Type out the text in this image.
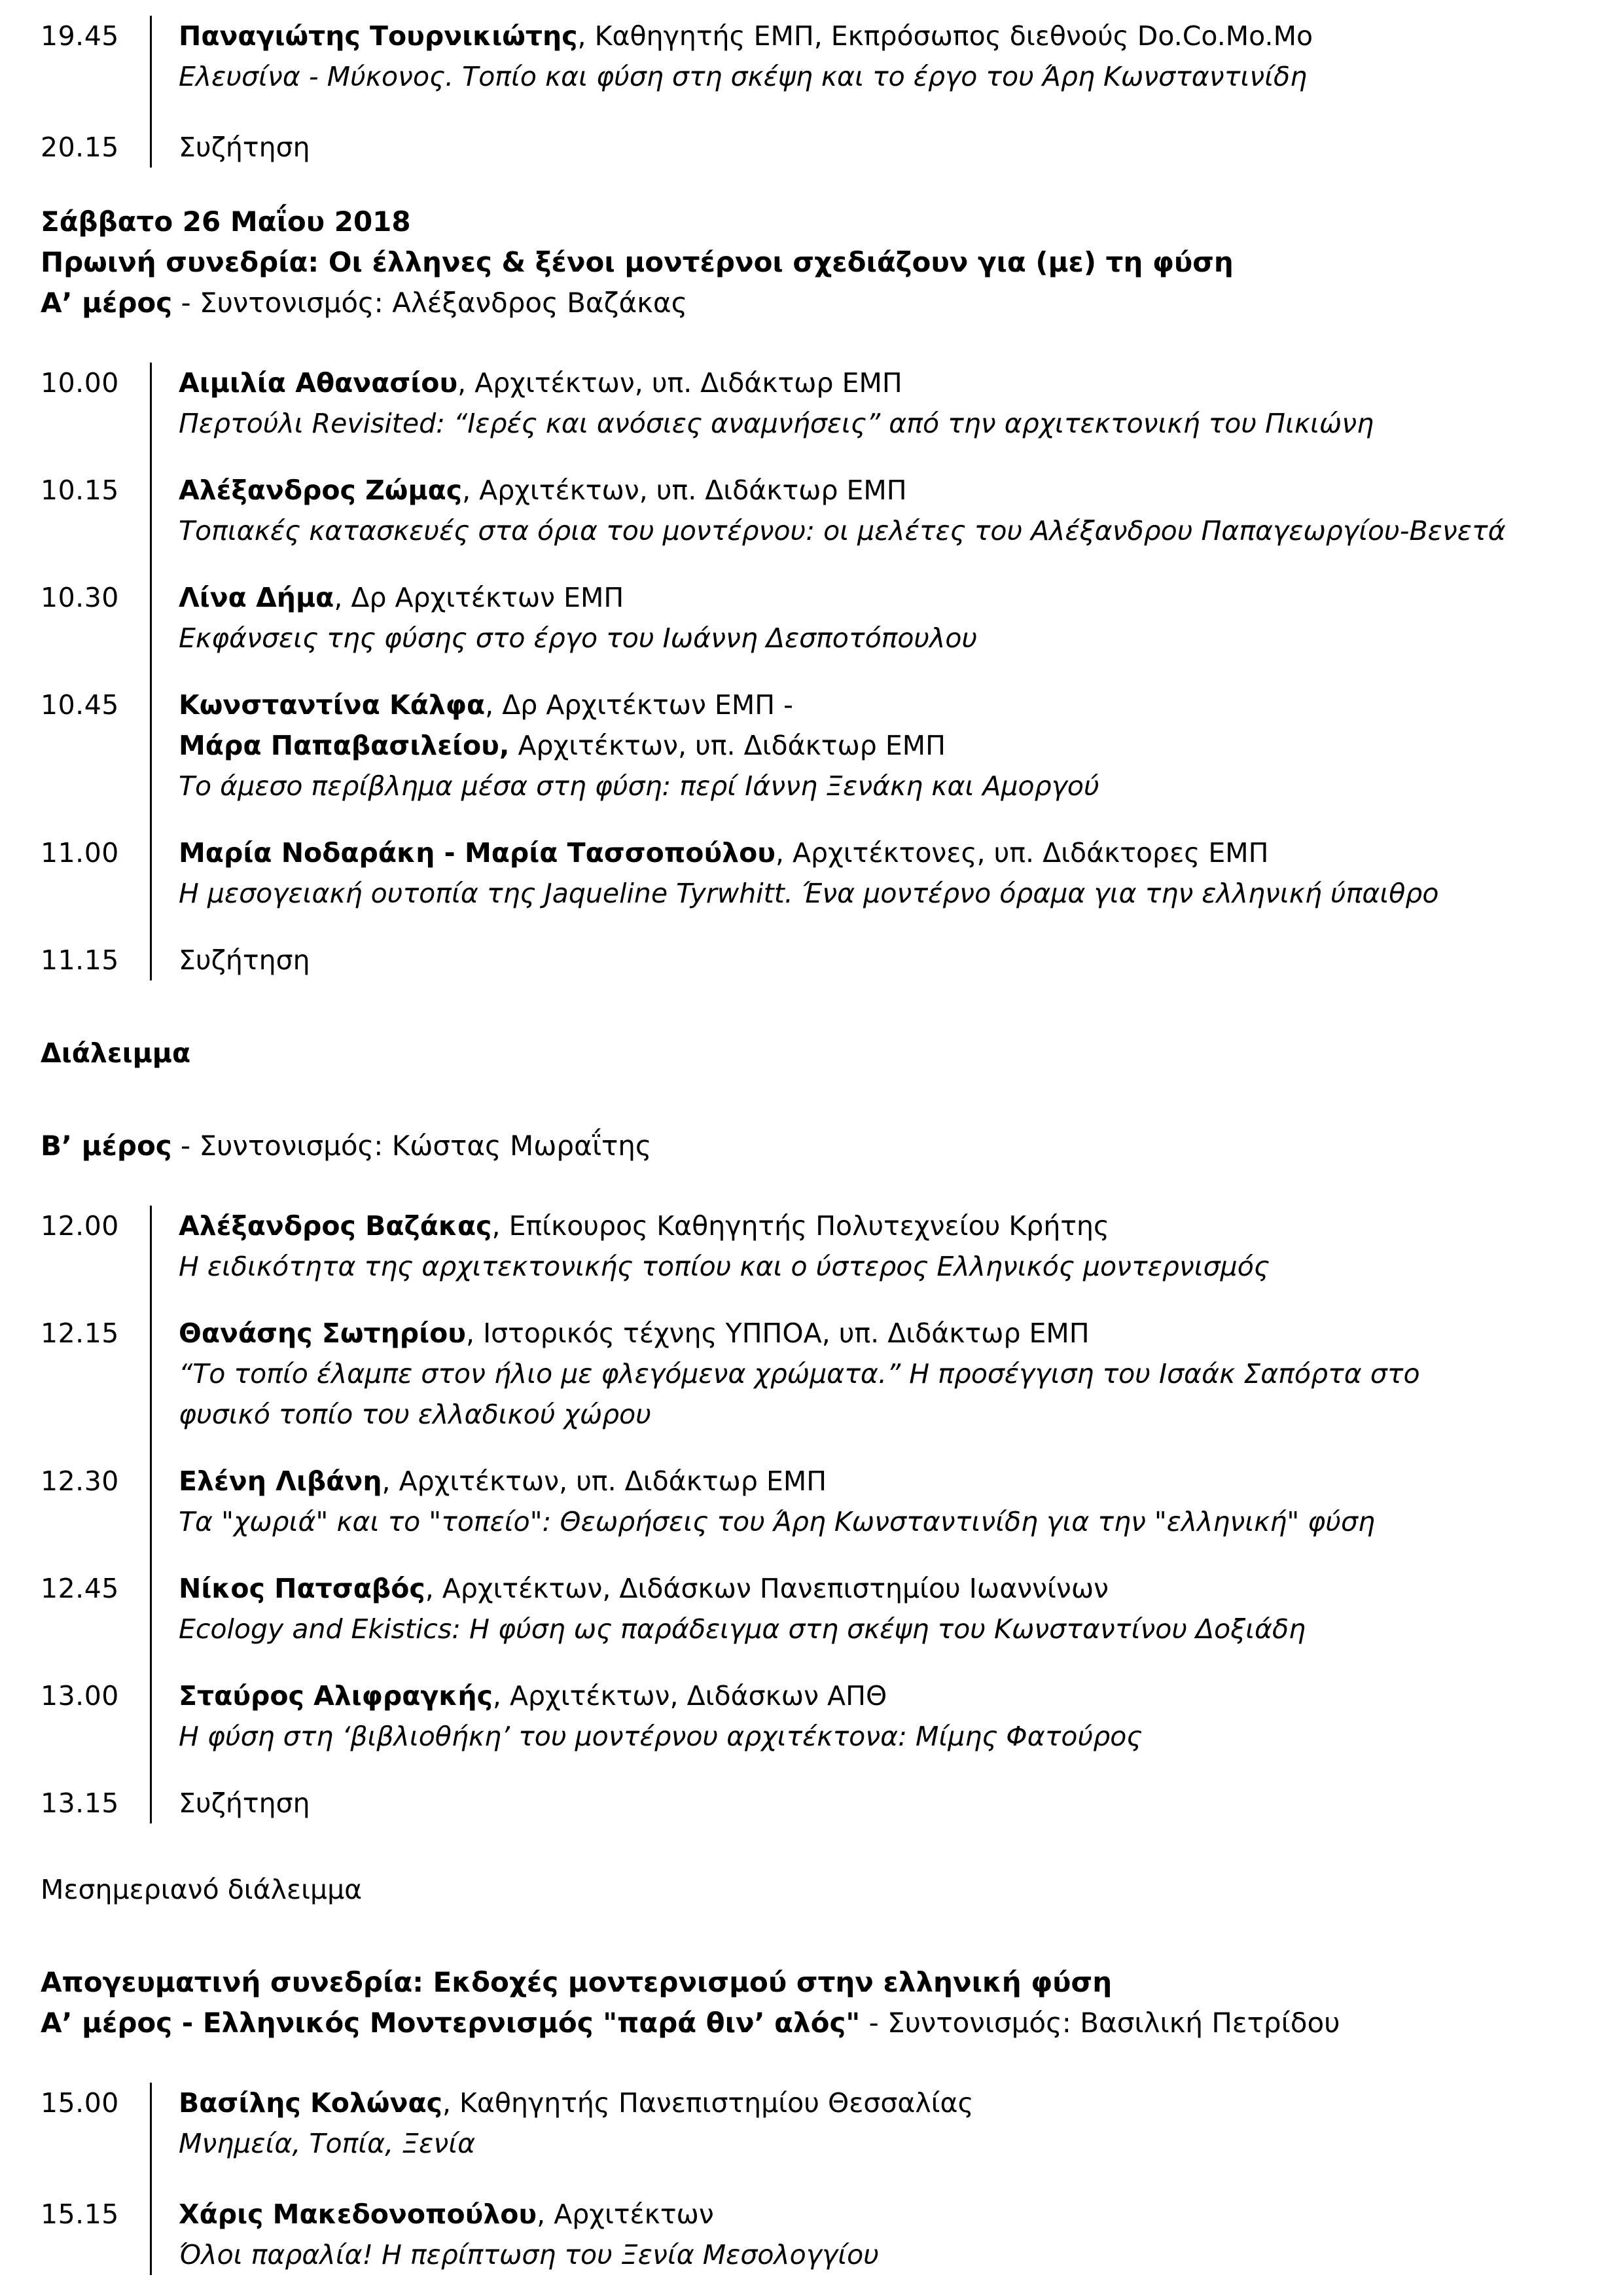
19.45	Παναγιώτης Τουρνικιώτης, Καθηγητής ΕΜΠ, Εκπρόσωπος διεθνούς Do.Co.Mo.Mo
Ελευσίνα - Μύκονος. Τοπίο και φύση στη σκέψη και το έργο του Άρη Κωνσταντινίδη
20.15	Συζήτηση
Σάββατο 26 Μαΐου 2018
Πρωινή συνεδρία: Οι έλληνες & ξένοι μοντέρνοι σχεδιάζουν για (με) τη φύση
Α’ μέρος - Συντονισμός: Αλέξανδρος Βαζάκας
10.00	Αιμιλία Αθανασίου, Αρχιτέκτων, υπ. Διδάκτωρ ΕΜΠ
Περτούλι Revisited: “Ιερές και ανόσιες αναμνήσεις” από την αρχιτεκτονική του Πικιώνη
10.15	Αλέξανδρος Ζώμας, Αρχιτέκτων, υπ. Διδάκτωρ ΕΜΠ
Τοπιακές κατασκευές στα όρια του μοντέρνου: οι μελέτες του Αλέξανδρου Παπαγεωργίου-Βενετά
10.30	Λίνα Δήμα, Δρ Αρχιτέκτων ΕΜΠ
Εκφάνσεις της φύσης στο έργο του Ιωάννη Δεσποτόπουλου
10.45	Κωνσταντίνα Κάλφα, Δρ Αρχιτέκτων ΕΜΠ -
Μάρα Παπαβασιλείου, Αρχιτέκτων, υπ. Διδάκτωρ ΕΜΠ
Το άμεσο περίβλημα μέσα στη φύση: περί Ιάννη Ξενάκη και Αμοργού
11.00	Μαρία Νοδαράκη - Μαρία Τασσοπούλου, Αρχιτέκτονες, υπ. Διδάκτορες ΕΜΠ
Η μεσογειακή ουτοπία της Jaqueline Tyrwhitt. Ένα μοντέρνο όραμα για την ελληνική ύπαιθρο
11.15	Συζήτηση
Διάλειμμα
Β’ μέρος - Συντονισμός: Κώστας Μωραΐτης
12.00	Αλέξανδρος Βαζάκας, Επίκουρος Καθηγητής Πολυτεχνείου Κρήτης
Η ειδικότητα της αρχιτεκτονικής τοπίου και ο ύστερος Ελληνικός μοντερνισμός
12.15	Θανάσης Σωτηρίου, Ιστορικός τέχνης ΥΠΠΟΑ, υπ. Διδάκτωρ ΕΜΠ
“Το τοπίο έλαμπε στον ήλιο με φλεγόμενα χρώματα.” Η προσέγγιση του Ισαάκ Σαπόρτα στο
φυσικό τοπίο του ελλαδικού χώρου
12.30	Ελένη Λιβάνη, Αρχιτέκτων, υπ. Διδάκτωρ ΕΜΠ
Τα "χωριά" και το "τοπείο": Θεωρήσεις του Άρη Κωνσταντινίδη για την "ελληνική" φύση
12.45	Νίκος Πατσαβός, Αρχιτέκτων, Διδάσκων Πανεπιστημίου Ιωαννίνων
Ecology and Ekistics: Η φύση ως παράδειγμα στη σκέψη του Κωνσταντίνου Δοξιάδη
13.00	Σταύρος Αλιφραγκής, Αρχιτέκτων, Διδάσκων ΑΠΘ
Η φύση στη ‘βιβλιοθήκη’ του μοντέρνου αρχιτέκτονα: Μίμης Φατούρος
13.15	Συζήτηση
Μεσημεριανό διάλειμμα
Απογευματινή συνεδρία: Εκδοχές μοντερνισμού στην ελληνική φύση
Α’ μέρος - Ελληνικός Μοντερνισμός "παρά θιν’ αλός" - Συντονισμός: Βασιλική Πετρίδου
15.00	Βασίλης Κολώνας, Καθηγητής Πανεπιστημίου Θεσσαλίας
Μνημεία, Τοπία, Ξενία
15.15	Χάρις Μακεδονοπούλου, Αρχιτέκτων
Όλοι παραλία! Η περίπτωση του Ξενία Μεσολογγίου
